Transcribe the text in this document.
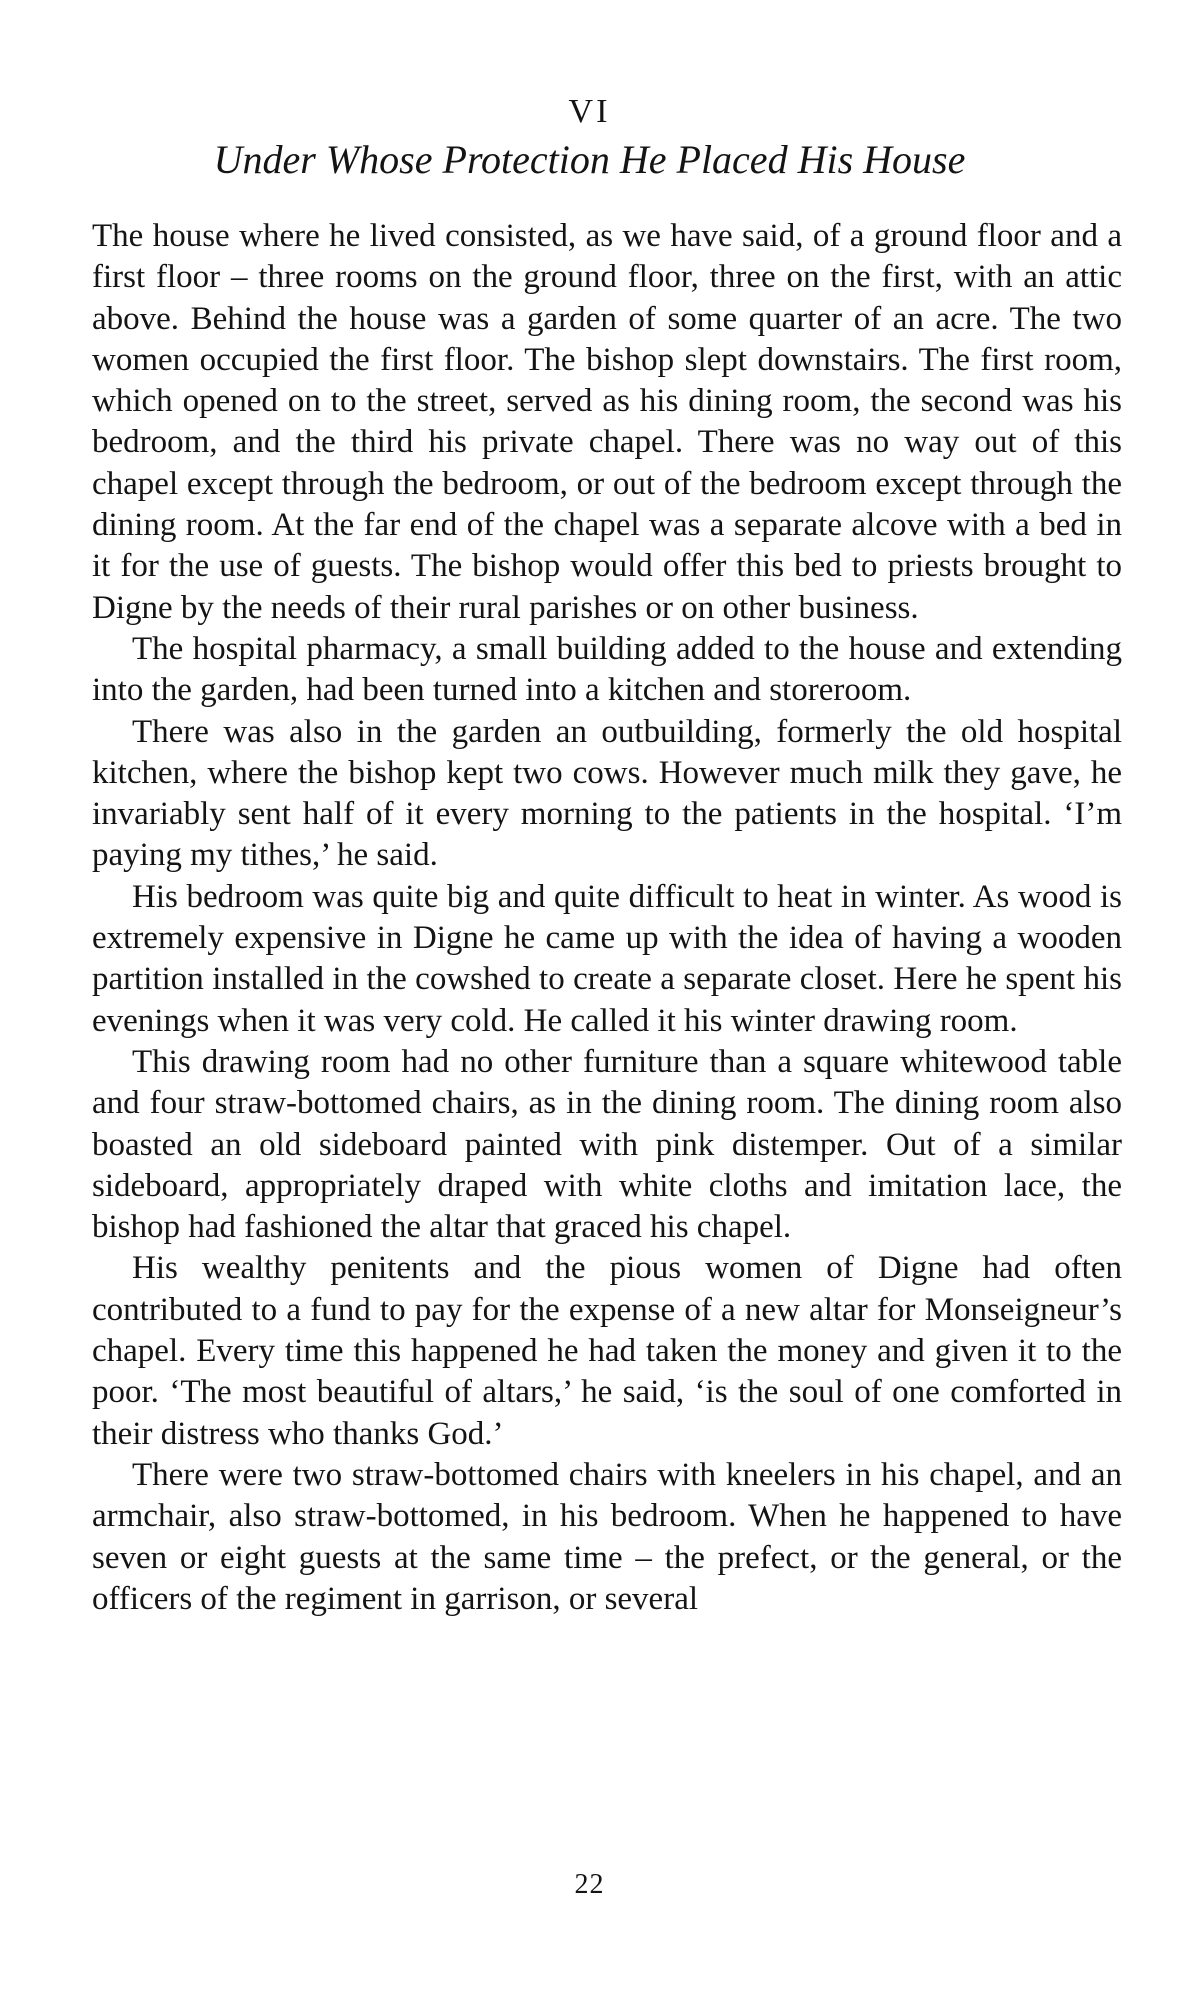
VI
Under Whose Protection He Placed His House

The house where he lived consisted, as we have said, of a ground floor and a first floor – three rooms on the ground floor, three on the first, with an attic above. Behind the house was a garden of some quarter of an acre. The two women occupied the first floor. The bishop slept downstairs. The first room, which opened on to the street, served as his dining room, the second was his bedroom, and the third his private chapel. There was no way out of this chapel except through the bedroom, or out of the bedroom except through the dining room. At the far end of the chapel was a separate alcove with a bed in it for the use of guests. The bishop would offer this bed to priests brought to Digne by the needs of their rural parishes or on other business.

The hospital pharmacy, a small building added to the house and extending into the garden, had been turned into a kitchen and storeroom.

There was also in the garden an outbuilding, formerly the old hospital kitchen, where the bishop kept two cows. However much milk they gave, he invariably sent half of it every morning to the patients in the hospital. ‘I’m paying my tithes,’ he said.

His bedroom was quite big and quite difficult to heat in winter. As wood is extremely expensive in Digne he came up with the idea of having a wooden partition installed in the cowshed to create a separate closet. Here he spent his evenings when it was very cold. He called it his winter drawing room.

This drawing room had no other furniture than a square whitewood table and four straw-bottomed chairs, as in the dining room. The dining room also boasted an old sideboard painted with pink distemper. Out of a similar sideboard, appropriately draped with white cloths and imitation lace, the bishop had fashioned the altar that graced his chapel.

His wealthy penitents and the pious women of Digne had often contributed to a fund to pay for the expense of a new altar for Monseigneur’s chapel. Every time this happened he had taken the money and given it to the poor. ‘The most beautiful of altars,’ he said, ‘is the soul of one comforted in their distress who thanks God.’

There were two straw-bottomed chairs with kneelers in his chapel, and an armchair, also straw-bottomed, in his bedroom. When he happened to have seven or eight guests at the same time – the prefect, or the general, or the officers of the regiment in garrison, or several

22
